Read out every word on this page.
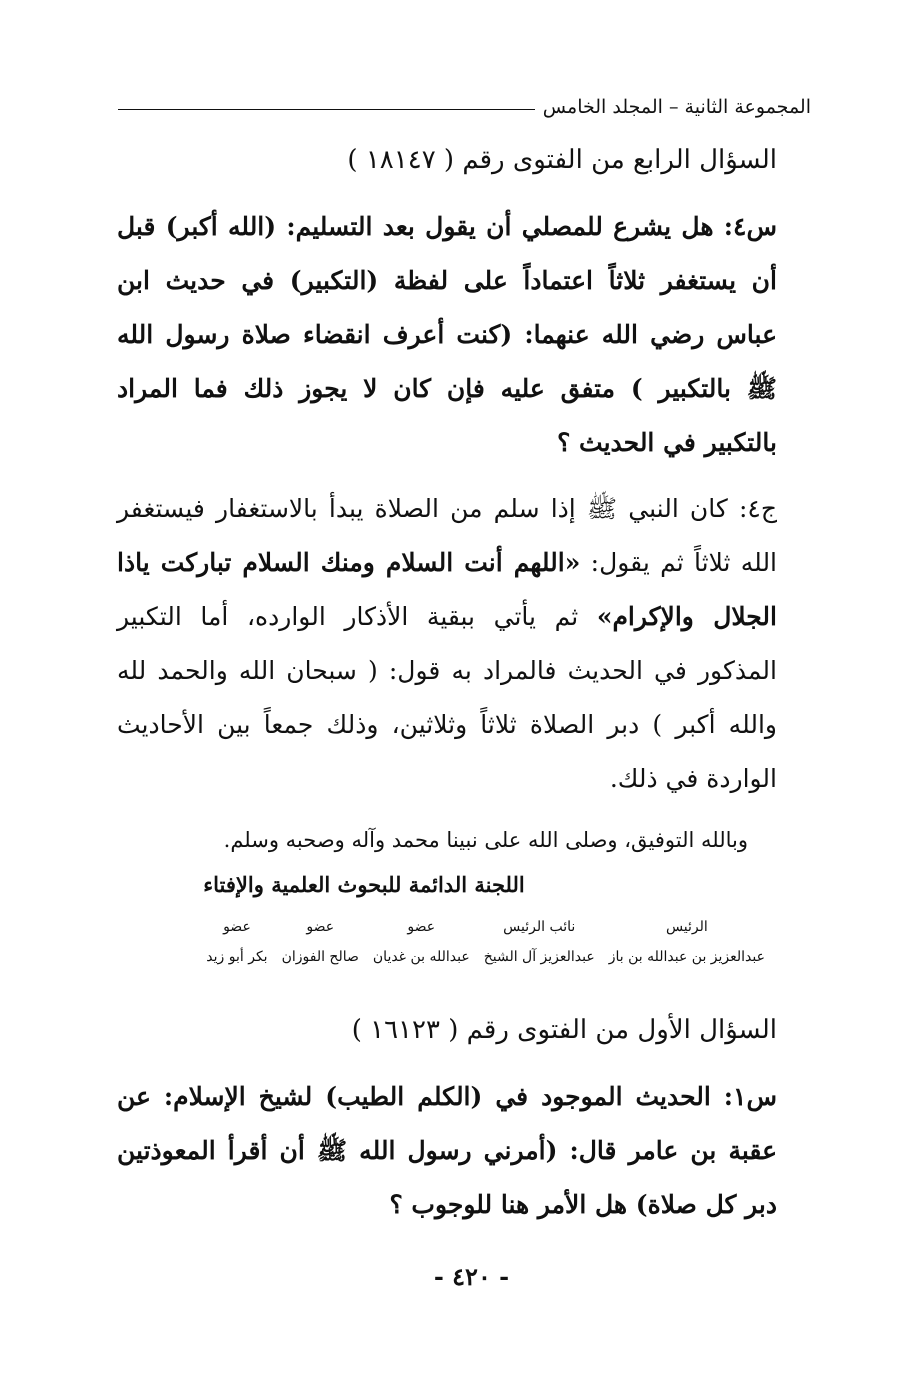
المجموعة الثانية – المجلد الخامس
السؤال الرابع من الفتوى رقم ( ١٨١٤٧ )
س٤: هل يشرع للمصلي أن يقول بعد التسليم: (الله أكبر) قبل أن يستغفر ثلاثاً اعتماداً على لفظة (التكبير) في حديث ابن عباس رضي الله عنهما: (كنت أعرف انقضاء صلاة رسول الله ﷺ بالتكبير ) متفق عليه فإن كان لا يجوز ذلك فما المراد بالتكبير في الحديث ؟
ج٤: كان النبي ﷺ إذا سلم من الصلاة يبدأ بالاستغفار فيستغفر الله ثلاثاً ثم يقول: «اللهم أنت السلام ومنك السلام تباركت ياذا الجلال والإكرام» ثم يأتي ببقية الأذكار الوارده، أما التكبير المذكور في الحديث فالمراد به قول: ( سبحان الله والحمد لله والله أكبر ) دبر الصلاة ثلاثاً وثلاثين، وذلك جمعاً بين الأحاديث الواردة في ذلك.
وبالله التوفيق، وصلى الله على نبينا محمد وآله وصحبه وسلم.
اللجنة الدائمة للبحوث العلمية والإفتاء
الرئيس
عبدالعزيز بن عبدالله بن باز
نائب الرئيس
عبدالعزيز آل الشيخ
عضو
عبدالله بن غديان
عضو
صالح الفوزان
عضو
بكر أبو زيد
السؤال الأول من الفتوى رقم ( ١٦١٢٣ )
س١: الحديث الموجود في (الكلم الطيب) لشيخ الإسلام: عن عقبة بن عامر قال: (أمرني رسول الله ﷺ أن أقرأ المعوذتين دبر كل صلاة) هل الأمر هنا للوجوب ؟
- ٤٢٠ -
